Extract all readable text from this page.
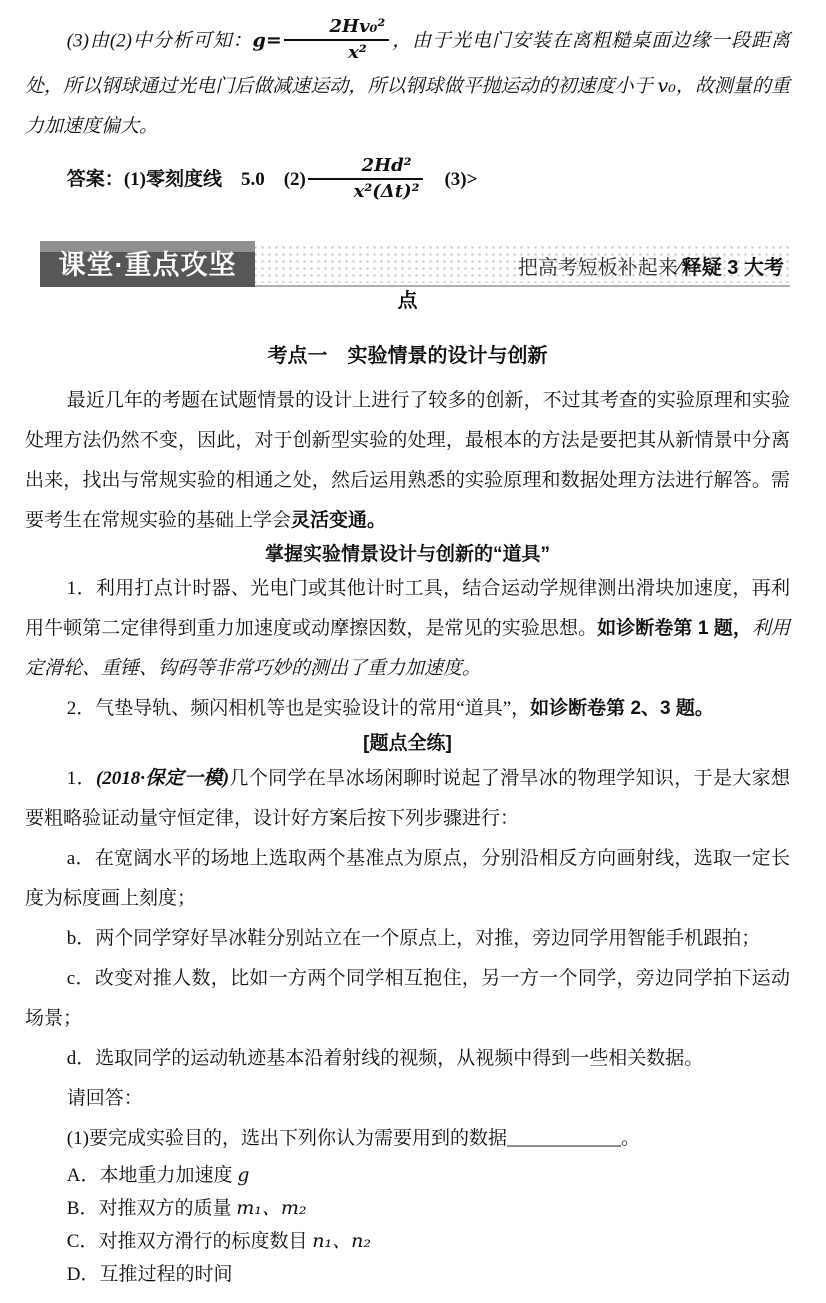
(3)由(2)中分析可知：$g= \frac{\text{2Hv₀²}}{\text{x²}}$ ，由于光电门安装在离粗糙桌面边缘一段距离处，所以钢球通过光电门后做减速运动，所以钢球做平抛运动的初速度小于 v₀，故测量的重力加速度偏大。

答案：(1)零刻度线　5.0　$(2) \frac{\text{2Hd²}}{\text{x²(Δt)²}}$ 　(3)>

课堂·重点攻坚	把高考短板补起来∕释疑 3 大考

点

考点一　实验情景的设计与创新

最近几年的考题在试题情景的设计上进行了较多的创新，不过其考查的实验原理和实验处理方法仍然不变，因此，对于创新型实验的处理，最根本的方法是要把其从新情景中分离出来，找出与常规实验的相通之处，然后运用熟悉的实验原理和数据处理方法进行解答。需要考生在常规实验的基础上学会灵活变通。

掌握实验情景设计与创新的“道具”

1．利用打点计时器、光电门或其他计时工具，结合运动学规律测出滑块加速度，再利用牛顿第二定律得到重力加速度或动摩擦因数，是常见的实验思想。如诊断卷第 1 题，利用定滑轮、重锤、钩码等非常巧妙的测出了重力加速度。

2．气垫导轨、频闪相机等也是实验设计的常用“道具”，如诊断卷第 2、3 题。

[题点全练]

1．(2018·保定一模)几个同学在旱冰场闲聊时说起了滑旱冰的物理学知识，于是大家想要粗略验证动量守恒定律，设计好方案后按下列步骤进行：

a．在宽阔水平的场地上选取两个基准点为原点，分别沿相反方向画射线，选取一定长度为标度画上刻度；

b．两个同学穿好旱冰鞋分别站立在一个原点上，对推，旁边同学用智能手机跟拍；

c．改变对推人数，比如一方两个同学相互抱住，另一方一个同学，旁边同学拍下运动场景；

d．选取同学的运动轨迹基本沿着射线的视频，从视频中得到一些相关数据。

请回答：

(1)要完成实验目的，选出下列你认为需要用到的数据____________。

A．本地重力加速度 g

B．对推双方的质量 m₁、m₂

C．对推双方滑行的标度数目 n₁、n₂

D．互推过程的时间
